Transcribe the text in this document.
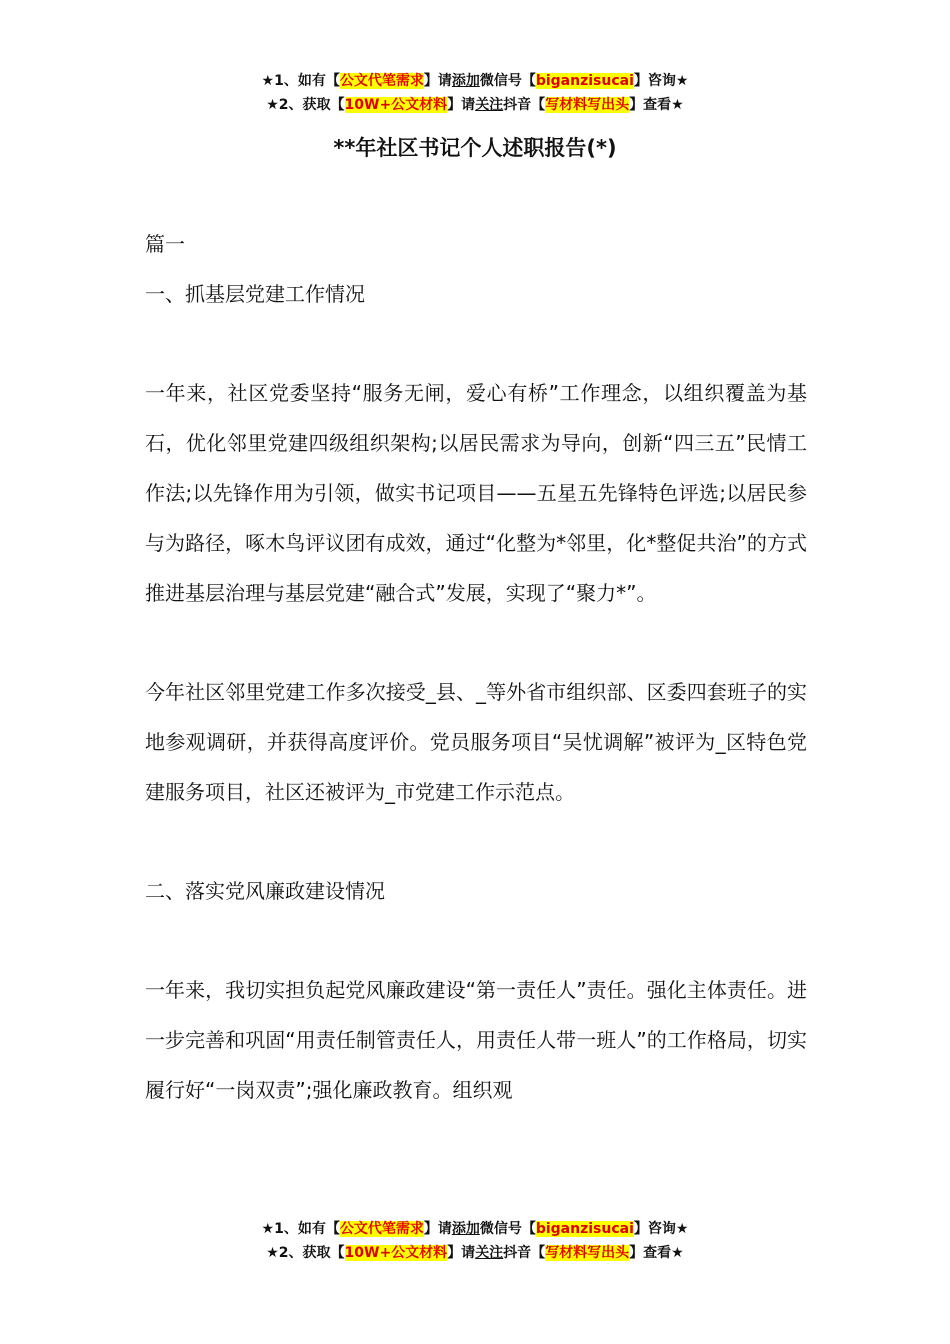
★1、如有【公文代笔需求】请添加微信号【biganzisucai】咨询★
★2、获取【10W+公文材料】请关注抖音【写材料写出头】查看★
**年社区书记个人述职报告(*)

篇一

一、抓基层党建工作情况

一年来，社区党委坚持“服务无闸，爱心有桥”工作理念，以组织覆盖为基石，优化邻里党建四级组织架构;以居民需求为导向，创新“四三五”民情工作法;以先锋作用为引领，做实书记项目——五星五先锋特色评选;以居民参与为路径，啄木鸟评议团有成效，通过“化整为*邻里，化*整促共治”的方式推进基层治理与基层党建“融合式”发展，实现了“聚力*”。

今年社区邻里党建工作多次接受_县、_等外省市组织部、区委四套班子的实地参观调研，并获得高度评价。党员服务项目“吴忧调解”被评为_区特色党建服务项目，社区还被评为_市党建工作示范点。

二、落实党风廉政建设情况

一年来，我切实担负起党风廉政建设“第一责任人”责任。强化主体责任。进一步完善和巩固“用责任制管责任人，用责任人带一班人”的工作格局，切实履行好“一岗双责”;强化廉政教育。组织观

★1、如有【公文代笔需求】请添加微信号【biganzisucai】咨询★
★2、获取【10W+公文材料】请关注抖音【写材料写出头】查看★
